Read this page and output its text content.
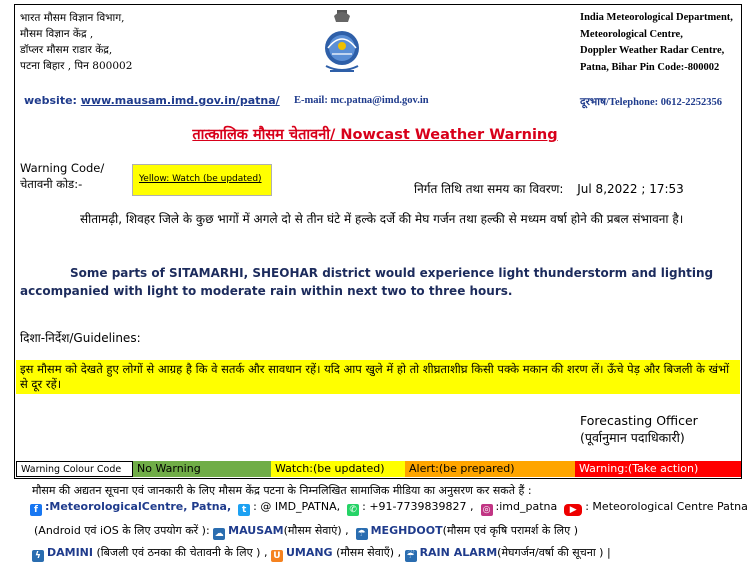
भारत मौसम विज्ञान विभाग,
मौसम विज्ञान केंद्र ,
डॉप्लर मौसम राडार केंद्र,
पटना बिहार , पिन 800002
India Meteorological Department,
Meteorological Centre,
Doppler Weather Radar Centre,
Patna, Bihar Pin Code:-800002
website: www.mausam.imd.gov.in/patna/ E-mail: mc.patna@imd.gov.in	दूरभाष/Telephone: 0612-2252356
तात्कालिक मौसम चेतावनी/ Nowcast Weather Warning
Warning Code/
चेतावनी कोड:-	Yellow: Watch (be updated)
निर्गत तिथि तथा समय का विवरण: Jul 8,2022 ; 17:53
सीतामढ़ी, शिवहर जिले के कुछ भागों में अगले दो से तीन घंटे में हल्के दर्जे की मेघ गर्जन तथा हल्की से मध्यम वर्षा होने की प्रबल संभावना है।
Some parts of SITAMARHI, SHEOHAR district would experience light thunderstorm and lighting accompanied with light to moderate rain within next two to three hours.
दिशा-निर्देश/Guidelines:

इस मौसम को देखते हुए लोगों से आग्रह है कि वे सतर्क और सावधान रहें। यदि आप खुले में हो तो शीघ्रताशीघ्र किसी पक्के मकान की शरण लें। ऊँचे पेड़ और बिजली के खंभों से दूर रहें।

Forecasting Officer
(पूर्वानुमान पदाधिकारी)
Warning Colour Code	No Warning	Watch:(be updated)	Alert:(be prepared)	Warning:(Take action)
मौसम की अद्यतन सूचना एवं जानकारी के लिए मौसम केंद्र पटना के निम्नलिखित सामाजिक मीडिया का अनुसरण कर सकते हैं :
f :MeteorologicalCentre, Patna, t : @ IMD_PATNA, ✆ : +91-7739839827 , ◎ :imd_patna ▶ : Meteorological Centre Patna
(Android एवं iOS के लिए उपयोग करें ): ☁ MAUSAM(मौसम सेवाएं) , ☂ MEGHDOOT(मौसम एवं कृषि परामर्श के लिए )
ϟ DAMINI (बिजली एवं ठनका की चेतावनी के लिए ) , U UMANG (मौसम सेवाएँ) , ☔ RAIN ALARM(मेघगर्जन/वर्षा की सूचना ) |
